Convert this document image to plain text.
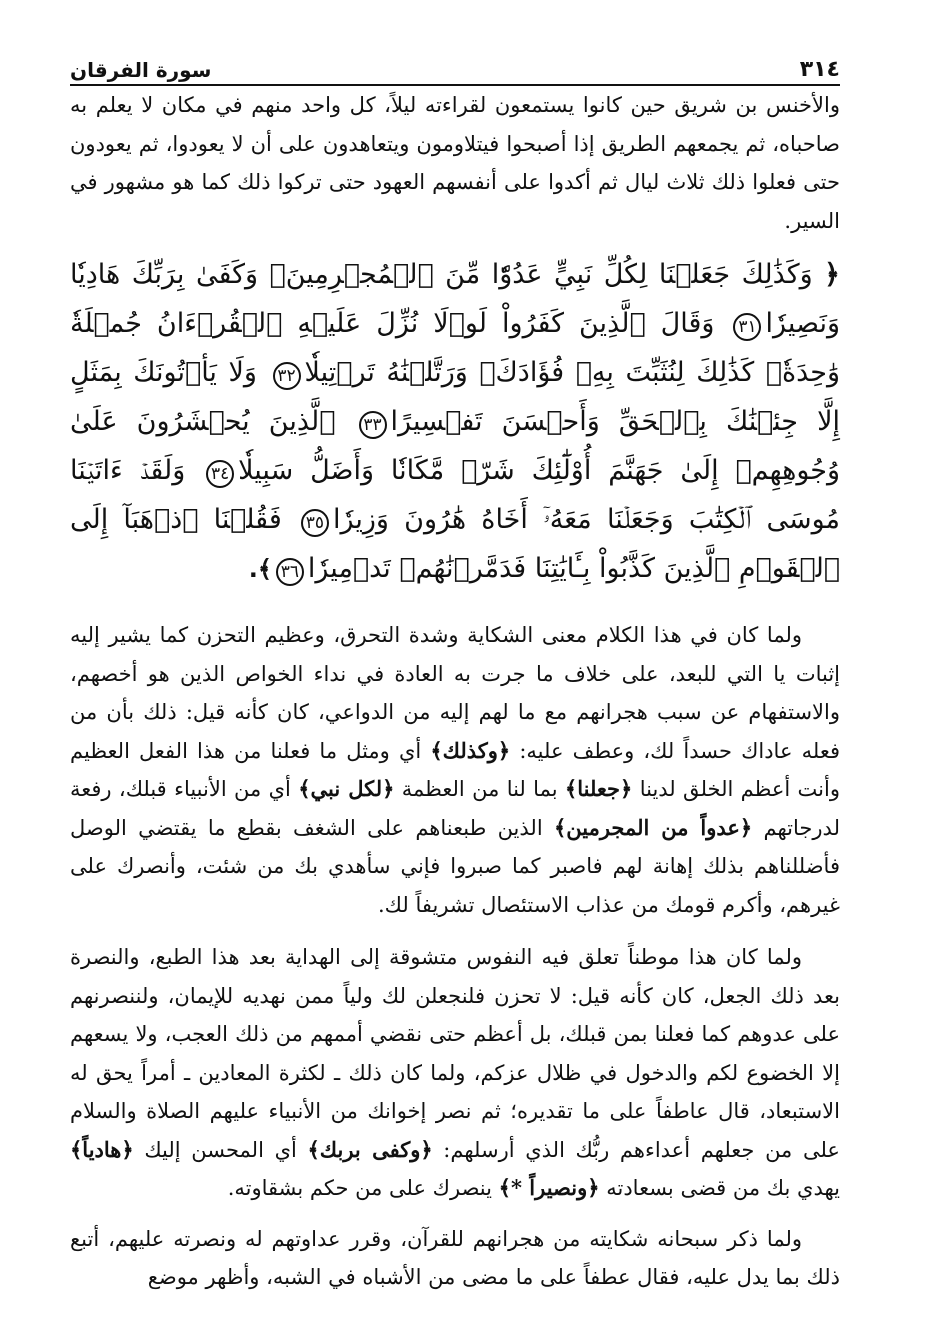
٣١٤
سورة الفرقان

والأخنس بن شريق حين كانوا يستمعون لقراءته ليلاً، كل واحد منهم في مكان لا يعلم به صاحباه، ثم يجمعهم الطريق إذا أصبحوا فيتلاومون ويتعاهدون على أن لا يعودوا، ثم يعودون حتى فعلوا ذلك ثلاث ليال ثم أكدوا على أنفسهم العهود حتى تركوا ذلك كما هو مشهور في السير.

﴿ وَكَذَٰلِكَ جَعَلۡنَا لِكُلِّ نَبِيٍّ عَدُوّٗا مِّنَ ٱلۡمُجۡرِمِينَۗ وَكَفَىٰ بِرَبِّكَ هَادِيٗا وَنَصِيرٗا٣١ وَقَالَ ٱلَّذِينَ كَفَرُواْ لَوۡلَا نُزِّلَ عَلَيۡهِ ٱلۡقُرۡءَانُ جُمۡلَةٗ وَٰحِدَةٗۚ كَذَٰلِكَ لِنُثَبِّتَ بِهِۦ فُؤَادَكَۖ وَرَتَّلۡنَٰهُ تَرۡتِيلٗا٣٢ وَلَا يَأۡتُونَكَ بِمَثَلٍ إِلَّا جِئۡنَٰكَ بِٱلۡحَقِّ وَأَحۡسَنَ تَفۡسِيرًا٣٣ ٱلَّذِينَ يُحۡشَرُونَ عَلَىٰ وُجُوهِهِمۡ إِلَىٰ جَهَنَّمَ أُوْلَٰٓئِكَ شَرّٞ مَّكَانٗا وَأَضَلُّ سَبِيلٗا٣٤ وَلَقَدۡ ءَاتَيۡنَا مُوسَى ٱلۡكِتَٰبَ وَجَعَلۡنَا مَعَهُۥٓ أَخَاهُ هَٰرُونَ وَزِيرٗا٣٥ فَقُلۡنَا ٱذۡهَبَآ إِلَى ٱلۡقَوۡمِ ٱلَّذِينَ كَذَّبُواْ بِـَٔايَٰتِنَا فَدَمَّرۡنَٰهُمۡ تَدۡمِيرٗا٣٦﴾.

ولما كان في هذا الكلام معنى الشكاية وشدة التحرق، وعظيم التحزن كما يشير إليه إثبات يا التي للبعد، على خلاف ما جرت به العادة في نداء الخواص الذين هو أخصهم، والاستفهام عن سبب هجرانهم مع ما لهم إليه من الدواعي، كان كأنه قيل: ذلك بأن من فعله عاداك حسداً لك، وعطف عليه: ﴿وكذلك﴾ أي ومثل ما فعلنا من هذا الفعل العظيم وأنت أعظم الخلق لدينا ﴿جعلنا﴾ بما لنا من العظمة ﴿لكل نبي﴾ أي من الأنبياء قبلك، رفعة لدرجاتهم ﴿عدواً من المجرمين﴾ الذين طبعناهم على الشغف بقطع ما يقتضي الوصل فأضللناهم بذلك إهانة لهم فاصبر كما صبروا فإني سأهدي بك من شئت، وأنصرك على غيرهم، وأكرم قومك من عذاب الاستئصال تشريفاً لك.

ولما كان هذا موطناً تعلق فيه النفوس متشوقة إلى الهداية بعد هذا الطبع، والنصرة بعد ذلك الجعل، كان كأنه قيل: لا تحزن فلنجعلن لك ولياً ممن نهديه للإيمان، ولننصرنهم على عدوهم كما فعلنا بمن قبلك، بل أعظم حتى نقضي أممهم من ذلك العجب، ولا يسعهم إلا الخضوع لكم والدخول في ظلال عزكم، ولما كان ذلك ـ لكثرة المعادين ـ أمراً يحق له الاستبعاد، قال عاطفاً على ما تقديره؛ ثم نصر إخوانك من الأنبياء عليهم الصلاة والسلام على من جعلهم أعداءهم ربُّك الذي أرسلهم: ﴿وكفى بربك﴾ أي المحسن إليك ﴿هادياً﴾ يهدي بك من قضى بسعادته ﴿ونصيراً *﴾ ينصرك على من حكم بشقاوته.

ولما ذكر سبحانه شكايته من هجرانهم للقرآن، وقرر عداوتهم له ونصرته عليهم، أتبع ذلك بما يدل عليه، فقال عطفاً على ما مضى من الأشباه في الشبه، وأظهر موضع
